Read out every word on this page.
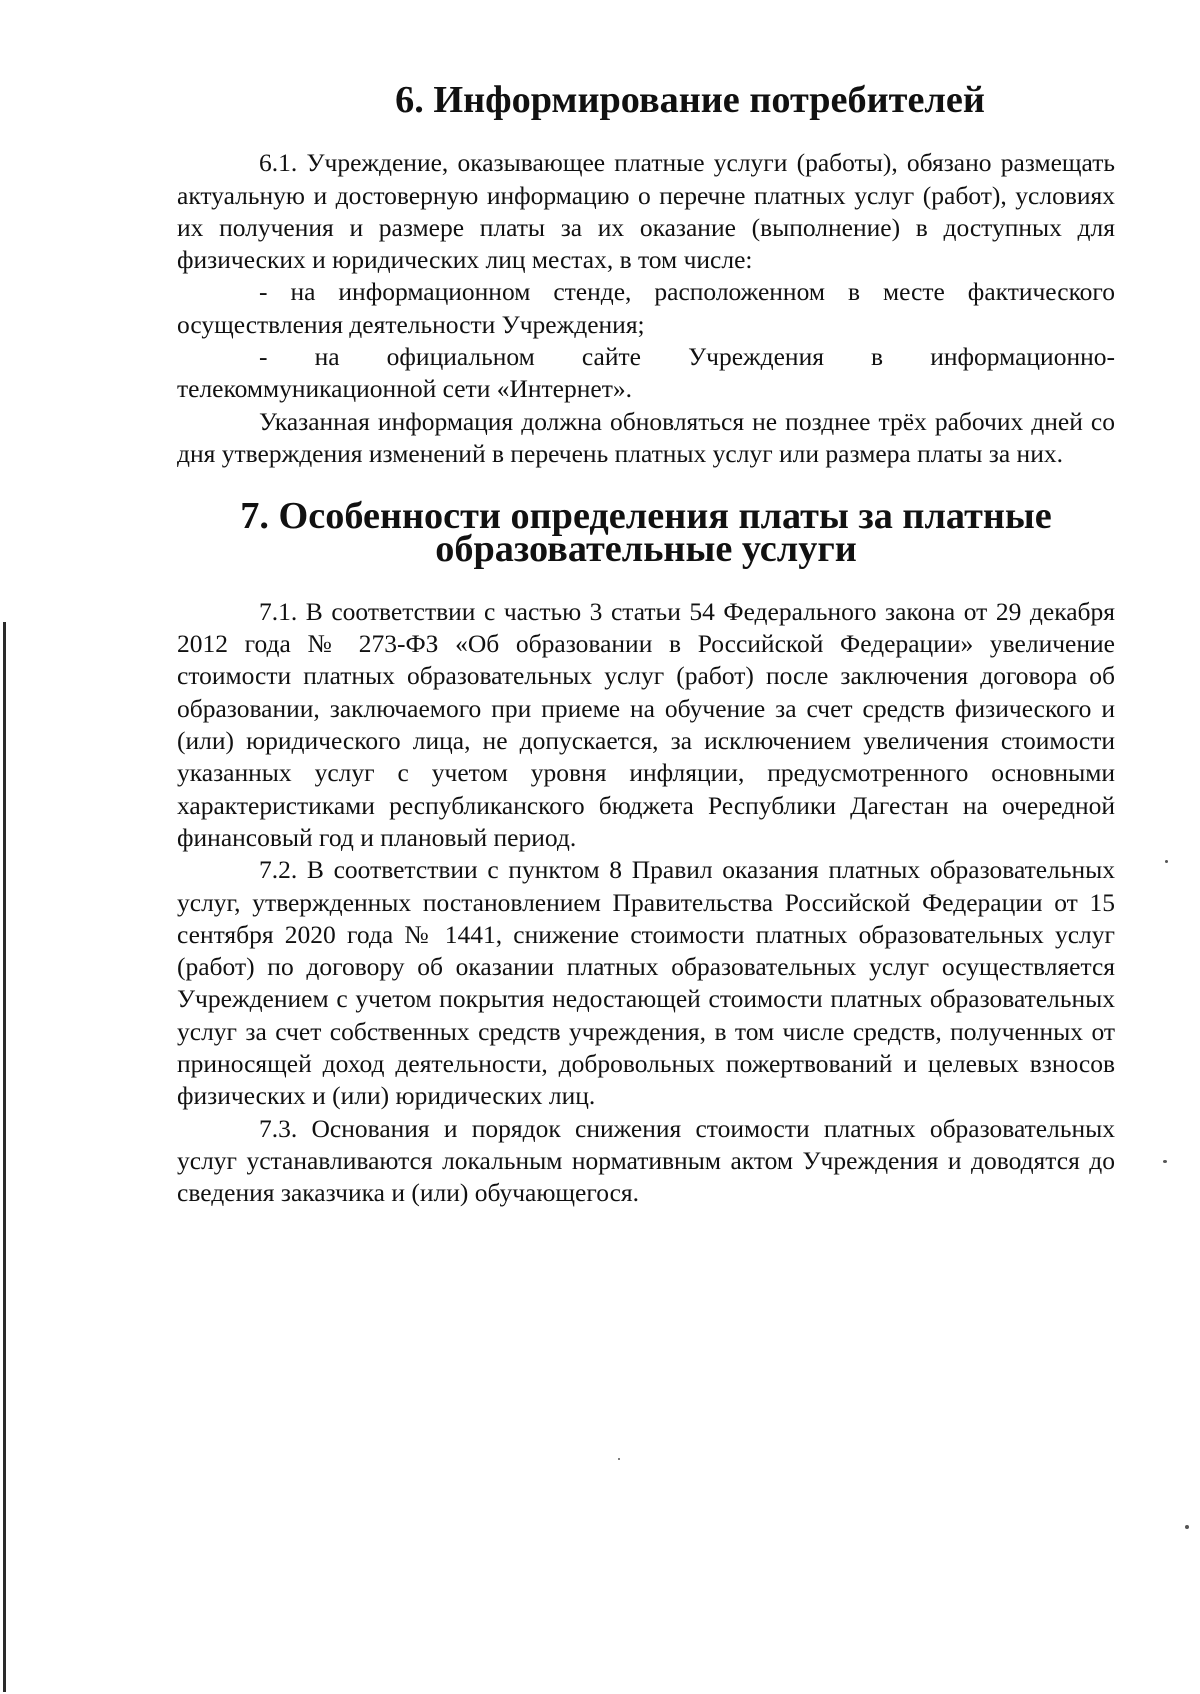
6. Информирование потребителей

6.1. Учреждение, оказывающее платные услуги (работы), обязано размещать актуальную и достоверную информацию о перечне платных услуг (работ), условиях их получения и размере платы за их оказание (выполнение) в доступных для физических и юридических лиц местах, в том числе:

- на информационном стенде, расположенном в месте фактического осуществления деятельности Учреждения;

- на официальном сайте Учреждения в информационно-телекоммуникационной сети «Интернет».

Указанная информация должна обновляться не позднее трёх рабочих дней со дня утверждения изменений в перечень платных услуг или размера платы за них.

7. Особенности определения платы за платные образовательные услуги

7.1. В соответствии с частью 3 статьи 54 Федерального закона от 29 декабря 2012 года № 273-ФЗ «Об образовании в Российской Федерации» увеличение стоимости платных образовательных услуг (работ) после заключения договора об образовании, заключаемого при приеме на обучение за счет средств физического и (или) юридического лица, не допускается, за исключением увеличения стоимости указанных услуг с учетом уровня инфляции, предусмотренного основными характеристиками республиканского бюджета Республики Дагестан на очередной финансовый год и плановый период.

7.2. В соответствии с пунктом 8 Правил оказания платных образовательных услуг, утвержденных постановлением Правительства Российской Федерации от 15 сентября 2020 года № 1441, снижение стоимости платных образовательных услуг (работ) по договору об оказании платных образовательных услуг осуществляется Учреждением с учетом покрытия недостающей стоимости платных образовательных услуг за счет собственных средств учреждения, в том числе средств, полученных от приносящей доход деятельности, добровольных пожертвований и целевых взносов физических и (или) юридических лиц.

7.3. Основания и порядок снижения стоимости платных образовательных услуг устанавливаются локальным нормативным актом Учреждения и доводятся до сведения заказчика и (или) обучающегося.
